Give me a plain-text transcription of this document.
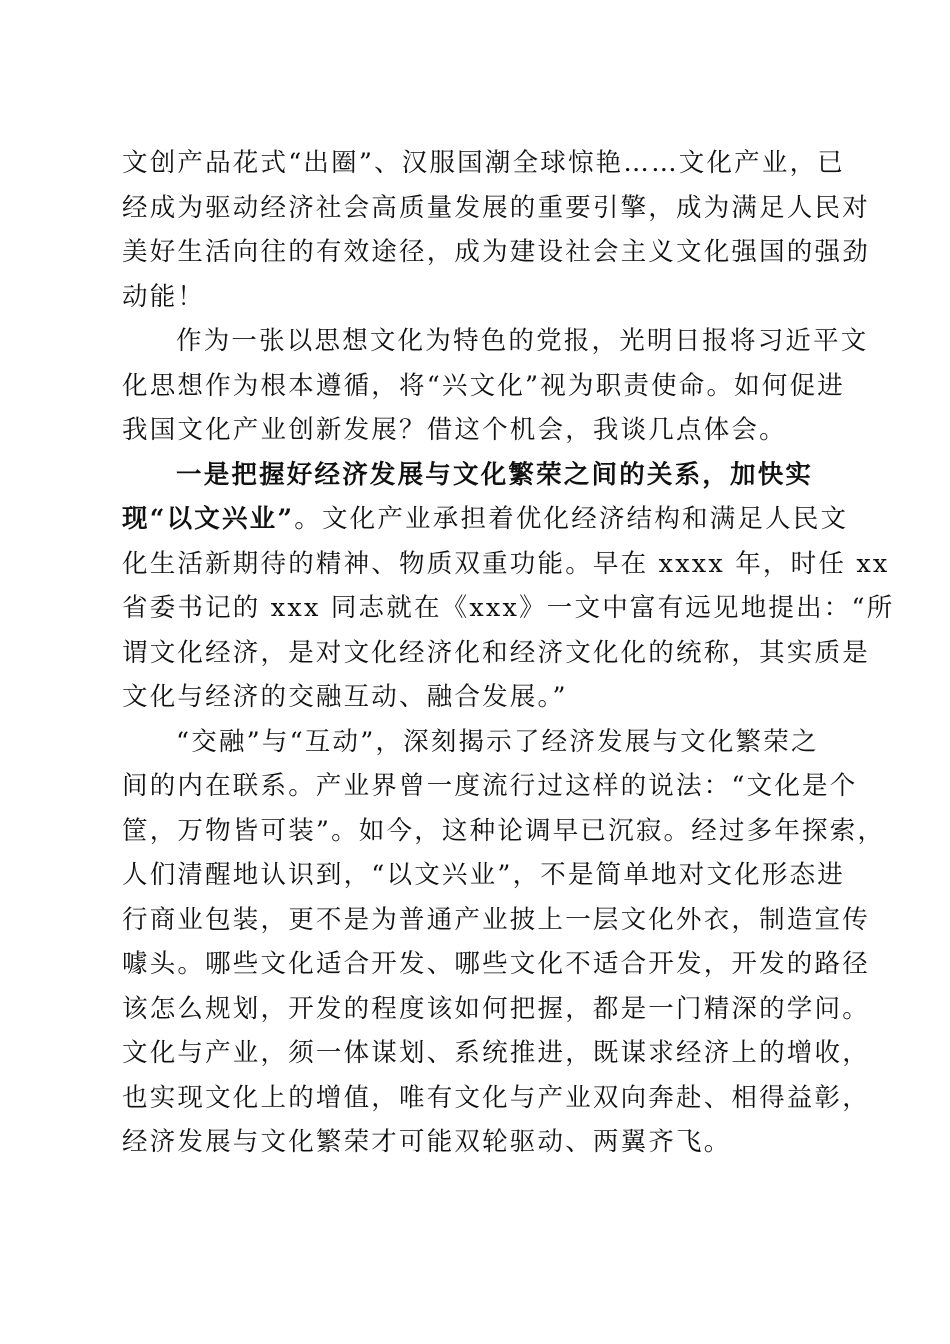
文创产品花式“出圈”、汉服国潮全球惊艳……文化产业，已
经成为驱动经济社会高质量发展的重要引擎，成为满足人民对
美好生活向往的有效途径，成为建设社会主义文化强国的强劲
动能！
作为一张以思想文化为特色的党报，光明日报将习近平文
化思想作为根本遵循，将“兴文化”视为职责使命。如何促进
我国文化产业创新发展？借这个机会，我谈几点体会。
一是把握好经济发展与文化繁荣之间的关系，加快实
现“以文兴业”。文化产业承担着优化经济结构和满足人民文
化生活新期待的精神、物质双重功能。早在 xxxx 年，时任 xx
省委书记的 xxx 同志就在《xxx》一文中富有远见地提出：“所
谓文化经济，是对文化经济化和经济文化化的统称，其实质是
文化与经济的交融互动、融合发展。”
“交融”与“互动”，深刻揭示了经济发展与文化繁荣之
间的内在联系。产业界曾一度流行过这样的说法：“文化是个
筐，万物皆可装”。如今，这种论调早已沉寂。经过多年探索，
人们清醒地认识到，“以文兴业”，不是简单地对文化形态进
行商业包装，更不是为普通产业披上一层文化外衣，制造宣传
噱头。哪些文化适合开发、哪些文化不适合开发，开发的路径
该怎么规划，开发的程度该如何把握，都是一门精深的学问。
文化与产业，须一体谋划、系统推进，既谋求经济上的增收，
也实现文化上的增值，唯有文化与产业双向奔赴、相得益彰，
经济发展与文化繁荣才可能双轮驱动、两翼齐飞。
